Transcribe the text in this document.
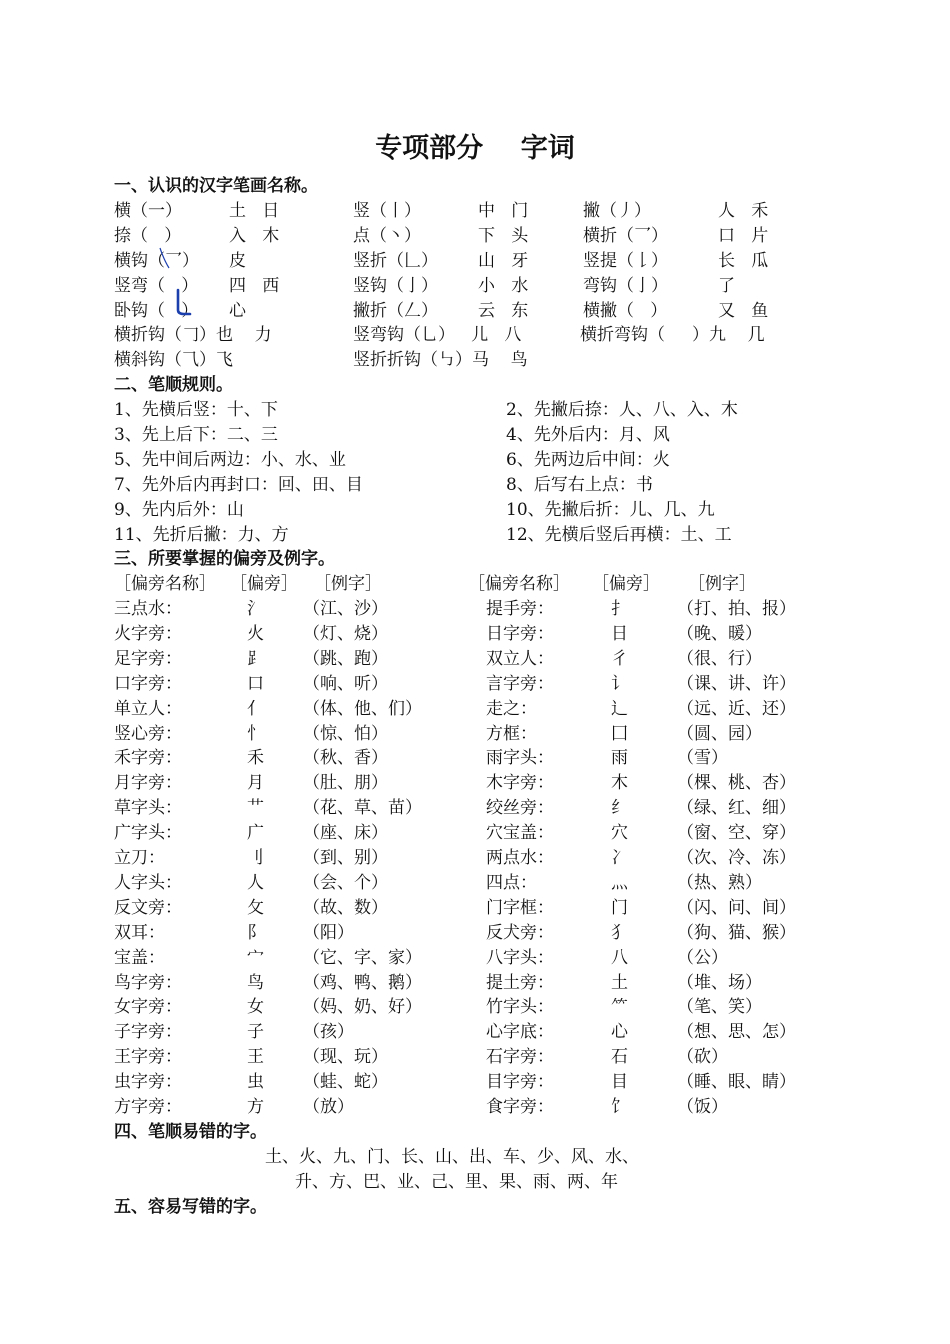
专项部分    字词
一、认识的汉字笔画名称。
横（一）	土   日	竖（丨）	中   门	撇（丿）	人   禾
捺（   ）	入   木	点（丶）	下   头	横折（乛）	口   片
横钩（乛） 皮	竖折（𠃊） 山   牙	竖提（𠄌）	长   瓜
竖弯（   ） 四   西	竖钩（亅） 小   水	弯钩（亅）	了
卧钩（   ） 心	撇折（𠃋） 云   东	横撇（   ）	又   鱼
横折钩（𠃌）也    力	竖弯钩（乚）   儿   八	横折弯钩（     ）九    几
横斜钩（⺄）飞	竖折折钩（㇉）马    鸟
二、笔顺规则。
1、先横后竖：十、下	2、先撇后捺：人、八、入、木
3、先上后下：二、三	4、先外后内：月、风
5、先中间后两边：小、水、业	6、先两边后中间：火
7、先外后内再封口：回、田、目	8、后写右上点：书
9、先内后外：山	10、先撇后折：儿、几、九
11、先折后撇：力、方	12、先横后竖后再横：土、工
三、所要掌握的偏旁及例字。
［偏旁名称］ ［偏旁］ ［例字］	［偏旁名称］ ［偏旁］ ［例字］
三点水：	氵 （江、沙）	提手旁：	扌	（打、拍、报）
火字旁：	火 （灯、烧）	日字旁：	日	（晚、暖）
足字旁：	⻊ （跳、跑）	双立人：	彳	（很、行）
口字旁：	口 （响、听）	言字旁：	讠	（课、讲、许）
单立人：	亻 （体、他、们）	走之：	辶	（远、近、还）
竖心旁：	忄 （惊、怕）	方框：	囗	（圆、园）
禾字旁：	禾 （秋、香）	雨字头：	雨	（雪）
月字旁：	月 （肚、朋）	木字旁：	木	（棵、桃、杏）
草字头：	艹 （花、草、苗）	绞丝旁：	纟	（绿、红、细）
广字头：	广 （座、床）	穴宝盖：	穴	（窗、空、穿）
立刀：	刂 （到、别）	两点水：	冫	（次、冷、冻）
人字头：	人 （会、个）	四点：	灬	（热、熟）
反文旁：	攵 （故、数）	门字框：	门	（闪、问、间）
双耳：	阝 （阳）	反犬旁：	犭	（狗、猫、猴）
宝盖：	宀 （它、字、家）	八字头：	八	（公）
鸟字旁：	鸟 （鸡、鸭、鹅）	提土旁：	土	（堆、场）
女字旁：	女 （妈、奶、好）	竹字头：	⺮	（笔、笑）
子字旁：	子 （孩）	心字底：	心	（想、思、怎）
王字旁：	王 （现、玩）	石字旁：	石	（砍）
虫字旁：	虫 （蛙、蛇）	目字旁：	目	（睡、眼、睛）
方字旁：	方 （放）	食字旁：	饣	（饭）
四、笔顺易错的字。
土、火、九、门、长、山、出、车、少、风、水、
升、方、巴、业、己、里、果、雨、两、年
五、容易写错的字。
